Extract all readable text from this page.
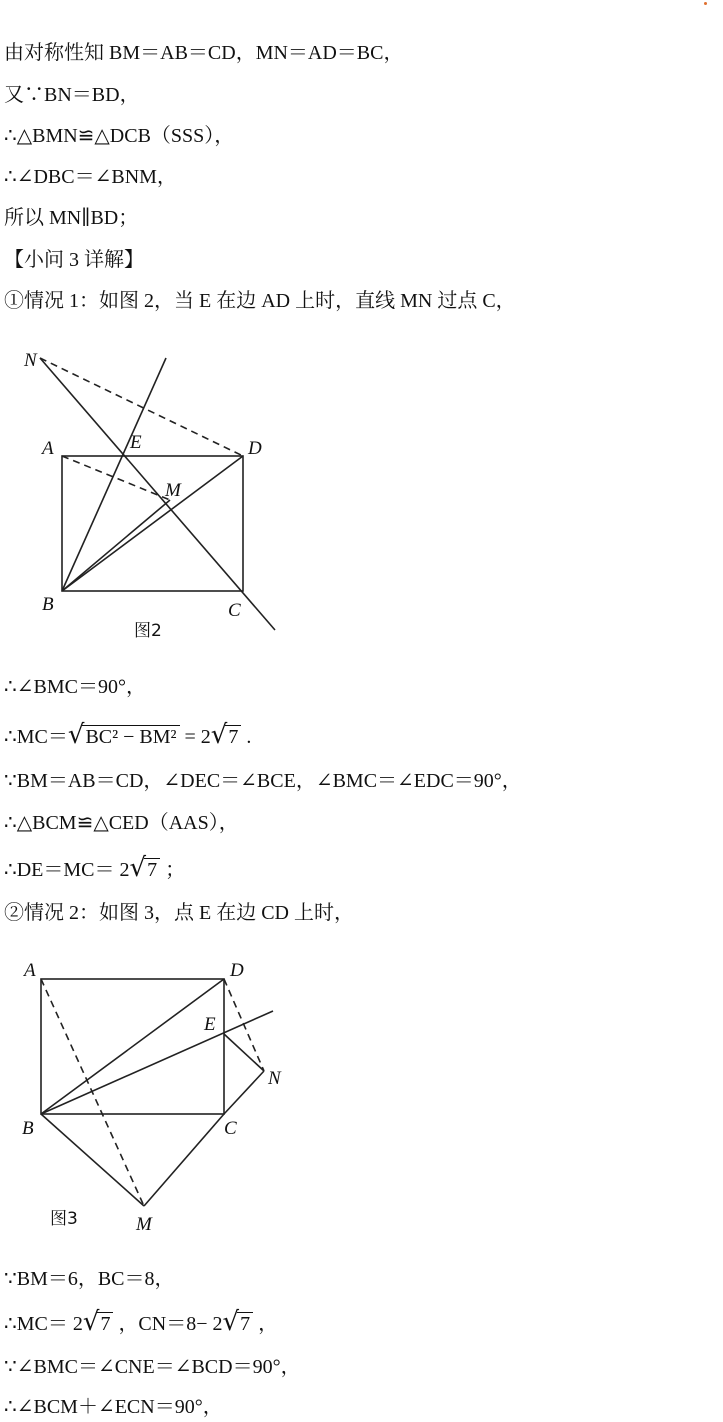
由对称性知 BM＝AB＝CD，MN＝AD＝BC，
又∵BN＝BD，
∴△BMN≌△DCB（SSS），
∴∠DBC＝∠BNM，
所以 MN∥BD；
【小问 3 详解】
①情况 1：如图 2，当 E 在边 AD 上时，直线 MN 过点 C，
N
A	E	D
M
B	C
图2
∴∠BMC＝90°，
∴MC＝√BC² − BM² = 2√7 .
∵BM＝AB＝CD，∠DEC＝∠BCE，∠BMC＝∠EDC＝90°，
∴△BCM≌△CED（AAS），
∴DE＝MC＝ 2√7 ；
②情况 2：如图 3，点 E 在边 CD 上时，
A	D
E
N
B	C
M
图3
∵BM＝6，BC＝8，
∴MC＝ 2√7 ，CN＝8− 2√7 ，
∵∠BMC＝∠CNE＝∠BCD＝90°，
∴∠BCM＋∠ECN＝90°，
